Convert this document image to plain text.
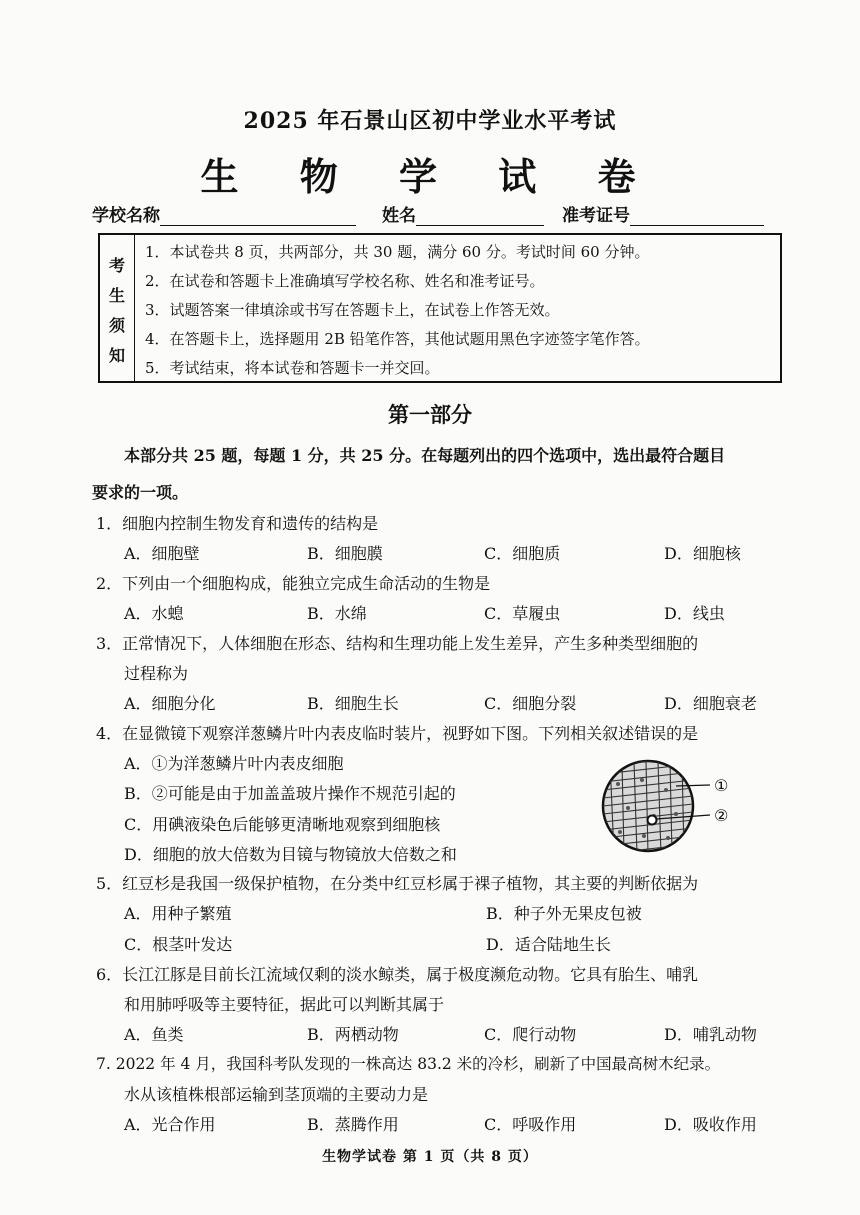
2025 年石景山区初中学业水平考试
生 物 学 试 卷
学校名称	姓名	准考证号
考
生
须
知
1．本试卷共 8 页，共两部分，共 30 题，满分 60 分。考试时间 60 分钟。
2．在试卷和答题卡上准确填写学校名称、姓名和准考证号。
3．试题答案一律填涂或书写在答题卡上，在试卷上作答无效。
4．在答题卡上，选择题用 2B 铅笔作答，其他试题用黑色字迹签字笔作答。
5．考试结束，将本试卷和答题卡一并交回。
第一部分
本部分共 25 题，每题 1 分，共 25 分。在每题列出的四个选项中，选出最符合题目
要求的一项。
1．细胞内控制生物发育和遗传的结构是
A．细胞壁	B．细胞膜	C．细胞质	D．细胞核
2．下列由一个细胞构成，能独立完成生命活动的生物是
A．水螅	B．水绵	C．草履虫	D．线虫
3．正常情况下，人体细胞在形态、结构和生理功能上发生差异，产生多种类型细胞的
过程称为
A．细胞分化	B．细胞生长	C．细胞分裂	D．细胞衰老
4．在显微镜下观察洋葱鳞片叶内表皮临时装片，视野如下图。下列相关叙述错误的是
A．①为洋葱鳞片叶内表皮细胞
B．②可能是由于加盖盖玻片操作不规范引起的
C．用碘液染色后能够更清晰地观察到细胞核
D．细胞的放大倍数为目镜与物镜放大倍数之和
①
②
5．红豆杉是我国一级保护植物，在分类中红豆杉属于裸子植物，其主要的判断依据为
A．用种子繁殖	B．种子外无果皮包被
C．根茎叶发达	D．适合陆地生长
6．长江江豚是目前长江流域仅剩的淡水鲸类，属于极度濒危动物。它具有胎生、哺乳
和用肺呼吸等主要特征，据此可以判断其属于
A．鱼类	B．两栖动物	C．爬行动物	D．哺乳动物
7. 2022 年 4 月，我国科考队发现的一株高达 83.2 米的冷杉，刷新了中国最高树木纪录。
水从该植株根部运输到茎顶端的主要动力是
A．光合作用	B．蒸腾作用	C．呼吸作用	D．吸收作用
生物学试卷 第 1 页（共 8 页）
